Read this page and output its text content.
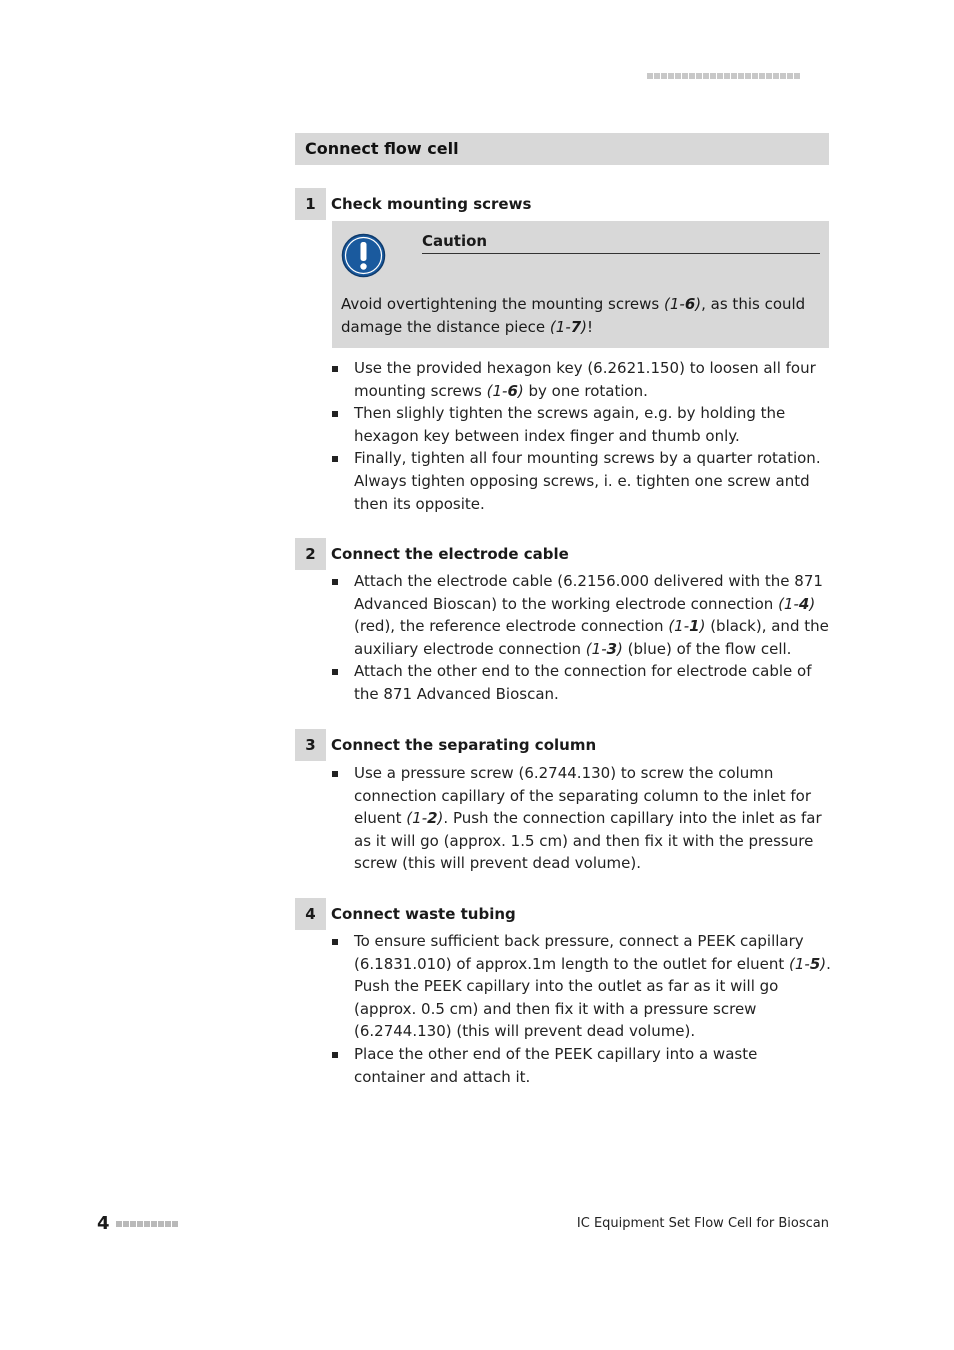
Connect flow cell
1	Check mounting screws
Caution
Avoid overtightening the mounting screws (1-6), as this could damage the distance piece (1-7)!
Use the provided hexagon key (6.2621.150) to loosen all four mounting screws (1-6) by one rotation.
Then slighly tighten the screws again, e.g. by holding the hexagon key between index finger and thumb only.
Finally, tighten all four mounting screws by a quarter rotation. Always tighten opposing screws, i. e. tighten one screw antd then its opposite.
2	Connect the electrode cable
Attach the electrode cable (6.2156.000 delivered with the 871 Advanced Bioscan) to the working electrode connection (1-4) (red), the reference electrode connection (1-1) (black), and the auxiliary electrode connection (1-3) (blue) of the flow cell.
Attach the other end to the connection for electrode cable of the 871 Advanced Bioscan.
3	Connect the separating column
Use a pressure screw (6.2744.130) to screw the column connection capillary of the separating column to the inlet for eluent (1-2). Push the connection capillary into the inlet as far as it will go (approx. 1.5 cm) and then fix it with the pressure screw (this will prevent dead volume).
4	Connect waste tubing
To ensure sufficient back pressure, connect a PEEK capillary (6.1831.010) of approx.1m length to the outlet for eluent (1-5). Push the PEEK capillary into the outlet as far as it will go (approx. 0.5 cm) and then fix it with a pressure screw (6.2744.130) (this will prevent dead volume).
Place the other end of the PEEK capillary into a waste container and attach it.
4	IC Equipment Set Flow Cell for Bioscan
